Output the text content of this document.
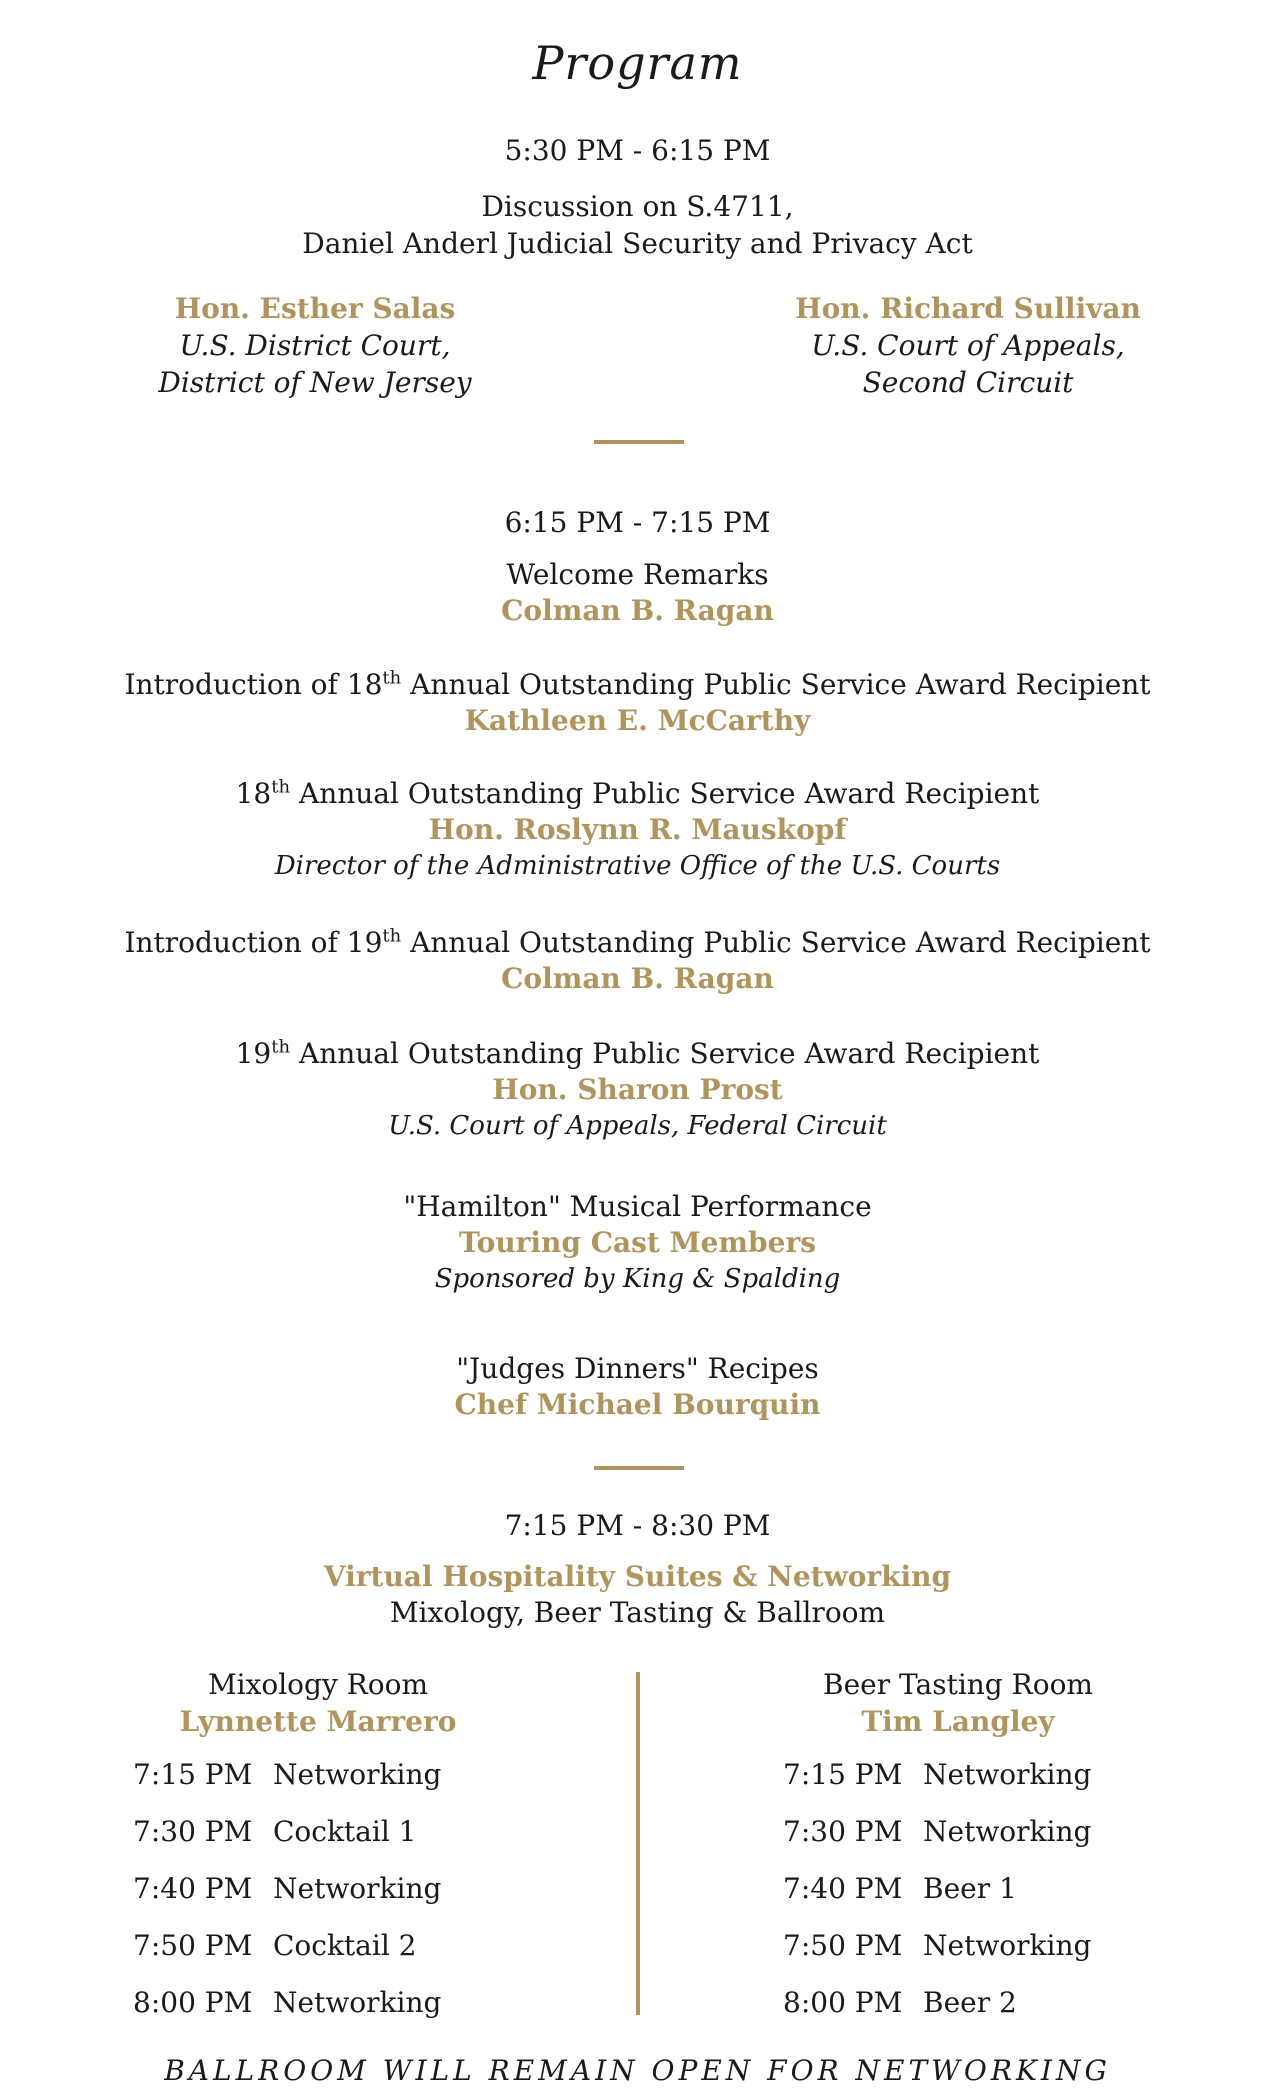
Program
5:30 PM - 6:15 PM
Discussion on S.4711,
Daniel Anderl Judicial Security and Privacy Act
Hon. Esther Salas
U.S. District Court,
District of New Jersey
Hon. Richard Sullivan
U.S. Court of Appeals,
Second Circuit
6:15 PM - 7:15 PM
Welcome Remarks
Colman B. Ragan
Introduction of 18th Annual Outstanding Public Service Award Recipient
Kathleen E. McCarthy
18th Annual Outstanding Public Service Award Recipient
Hon. Roslynn R. Mauskopf
Director of the Administrative Office of the U.S. Courts
Introduction of 19th Annual Outstanding Public Service Award Recipient
Colman B. Ragan
19th Annual Outstanding Public Service Award Recipient
Hon. Sharon Prost
U.S. Court of Appeals, Federal Circuit
"Hamilton" Musical Performance
Touring Cast Members
Sponsored by King & Spalding
"Judges Dinners" Recipes
Chef Michael Bourquin
7:15 PM - 8:30 PM
Virtual Hospitality Suites & Networking
Mixology, Beer Tasting & Ballroom
Mixology Room
Lynnette Marrero
7:15 PM Networking
7:30 PM Cocktail 1
7:40 PM Networking
7:50 PM Cocktail 2
8:00 PM Networking
Beer Tasting Room
Tim Langley
7:15 PM Networking
7:30 PM Networking
7:40 PM Beer 1
7:50 PM Networking
8:00 PM Beer 2
BALLROOM WILL REMAIN OPEN FOR NETWORKING
